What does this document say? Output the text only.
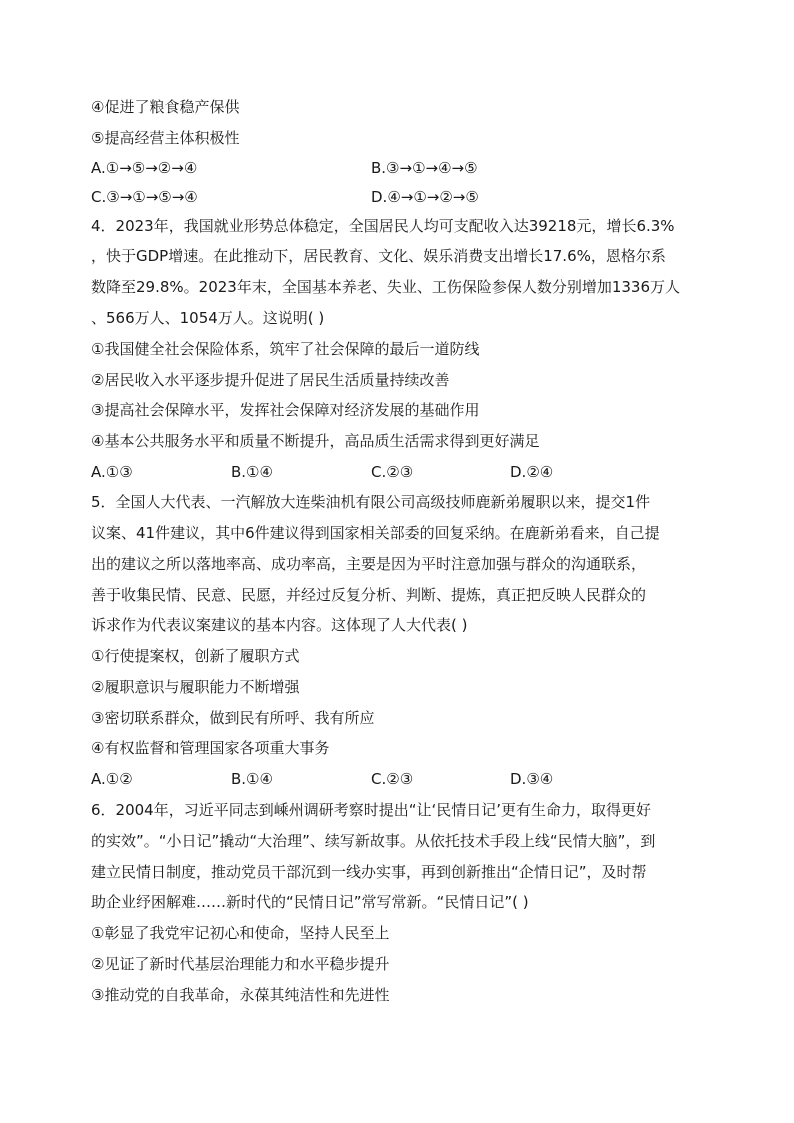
④促进了粮食稳产保供
⑤提高经营主体积极性
A.①→⑤→②→④	B.③→①→④→⑤
C.③→①→⑤→④	D.④→①→②→⑤
4．2023年，我国就业形势总体稳定，全国居民人均可支配收入达39218元，增长6.3%
，快于GDP增速。在此推动下，居民教育、文化、娱乐消费支出增长17.6%，恩格尔系
数降至29.8%。2023年末，全国基本养老、失业、工伤保险参保人数分别增加1336万人
、566万人、1054万人。这说明( )
①我国健全社会保险体系，筑牢了社会保障的最后一道防线
②居民收入水平逐步提升促进了居民生活质量持续改善
③提高社会保障水平，发挥社会保障对经济发展的基础作用
④基本公共服务水平和质量不断提升，高品质生活需求得到更好满足
A.①③	B.①④	C.②③	D.②④
5．全国人大代表、一汽解放大连柴油机有限公司高级技师鹿新弟履职以来，提交1件
议案、41件建议，其中6件建议得到国家相关部委的回复采纳。在鹿新弟看来，自己提
出的建议之所以落地率高、成功率高，主要是因为平时注意加强与群众的沟通联系，
善于收集民情、民意、民愿，并经过反复分析、判断、提炼，真正把反映人民群众的
诉求作为代表议案建议的基本内容。这体现了人大代表( )
①行使提案权，创新了履职方式
②履职意识与履职能力不断增强
③密切联系群众，做到民有所呼、我有所应
④有权监督和管理国家各项重大事务
A.①②	B.①④	C.②③	D.③④
6．2004年，习近平同志到嵊州调研考察时提出“让‘民情日记’更有生命力，取得更好
的实效”。“小日记”撬动“大治理”、续写新故事。从依托技术手段上线“民情大脑”，到
建立民情日制度，推动党员干部沉到一线办实事，再到创新推出“企情日记”，及时帮
助企业纾困解难……新时代的“民情日记”常写常新。“民情日记”( )
①彰显了我党牢记初心和使命，坚持人民至上
②见证了新时代基层治理能力和水平稳步提升
③推动党的自我革命，永葆其纯洁性和先进性
